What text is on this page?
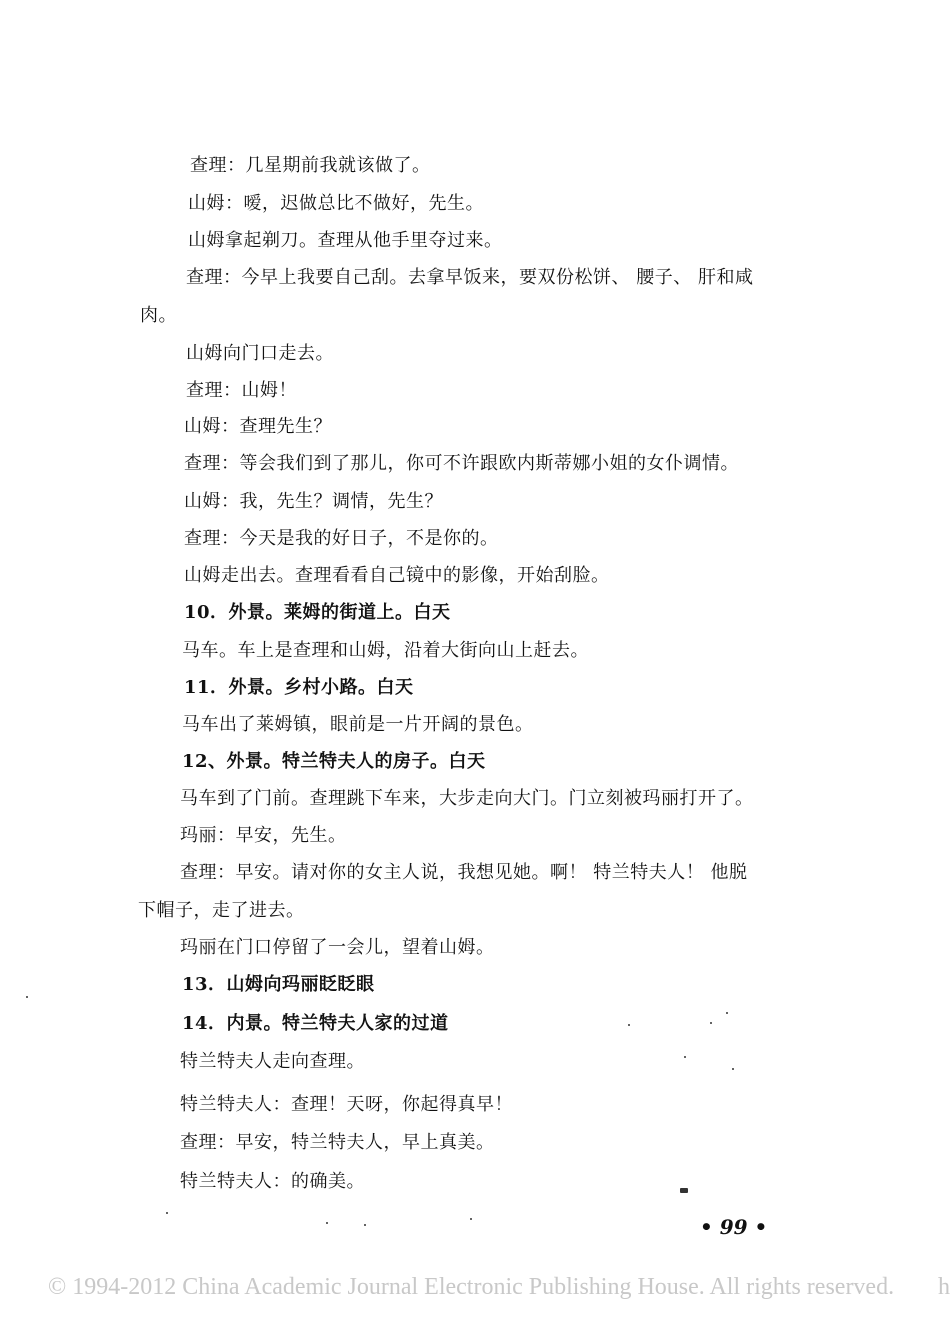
查理：几星期前我就该做了。
山姆：嗳，迟做总比不做好，先生。
山姆拿起剃刀。查理从他手里夺过来。
查理：今早上我要自己刮。去拿早饭来，要双份松饼、 腰子、 肝和咸
肉。
山姆向门口走去。
查理：山姆！
山姆：查理先生？
查理：等会我们到了那儿，你可不许跟欧内斯蒂娜小姐的女仆调情。
山姆：我，先生？调情，先生？
查理：今天是我的好日子，不是你的。
山姆走出去。查理看看自己镜中的影像，开始刮脸。
10．外景。莱姆的街道上。白天
马车。车上是查理和山姆，沿着大街向山上赶去。
11．外景。乡村小路。白天
马车出了莱姆镇，眼前是一片开阔的景色。
12、外景。特兰特夫人的房子。白天
马车到了门前。查理跳下车来，大步走向大门。门立刻被玛丽打开了。
玛丽：早安，先生。
查理：早安。请对你的女主人说，我想见她。啊！ 特兰特夫人！ 他脱
下帽子，走了进去。
玛丽在门口停留了一会儿，望着山姆。
13．山姆向玛丽眨眨眼
14．内景。特兰特夫人家的过道
特兰特夫人走向查理。
特兰特夫人：查理！天呀，你起得真早！
查理：早安，特兰特夫人，早上真美。
特兰特夫人：的确美。
• 99 •
© 1994-2012 China Academic Journal Electronic Publishing House. All rights reserved. h
